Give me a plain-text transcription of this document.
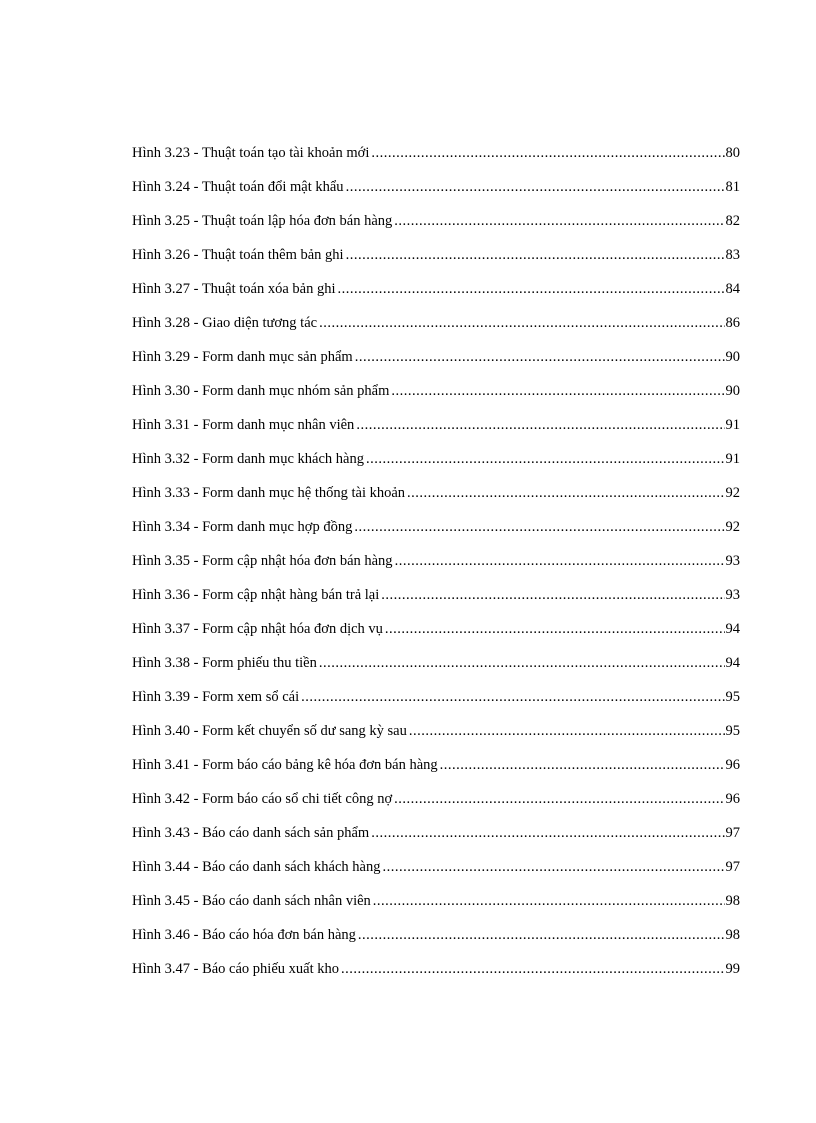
Hình 3.23 - Thuật toán tạo tài khoản mới .....	80
Hình 3.24 - Thuật toán đổi mật khẩu .....	81
Hình 3.25 - Thuật toán lập hóa đơn bán hàng .....	82
Hình 3.26 - Thuật toán thêm bản ghi .....	83
Hình 3.27 - Thuật toán xóa bản ghi .....	84
Hình 3.28 - Giao diện tương tác .....	86
Hình 3.29 - Form danh mục sản phẩm .....	90
Hình 3.30 - Form danh mục nhóm sản phẩm .....	90
Hình 3.31 - Form danh mục nhân viên .....	91
Hình 3.32 - Form danh mục khách hàng .....	91
Hình 3.33 - Form danh mục hệ thống tài khoản .....	92
Hình 3.34 - Form danh mục hợp đồng .....	92
Hình 3.35 - Form cập nhật hóa đơn bán hàng .....	93
Hình 3.36 - Form cập nhật hàng bán trả lại .....	93
Hình 3.37 - Form cập nhật hóa đơn dịch vụ .....	94
Hình 3.38 - Form phiếu thu tiền .....	94
Hình 3.39 - Form xem sổ cái .....	95
Hình 3.40 - Form kết chuyển số dư sang kỳ sau .....	95
Hình 3.41 - Form báo cáo bảng kê hóa đơn bán hàng .....	96
Hình 3.42 - Form báo cáo sổ chi tiết công nợ .....	96
Hình 3.43 - Báo cáo danh sách sản phẩm .....	97
Hình 3.44 - Báo cáo danh sách khách hàng .....	97
Hình 3.45 - Báo cáo danh sách nhân viên .....	98
Hình 3.46 - Báo cáo hóa đơn bán hàng .....	98
Hình 3.47 - Báo cáo phiếu xuất kho .....	99
